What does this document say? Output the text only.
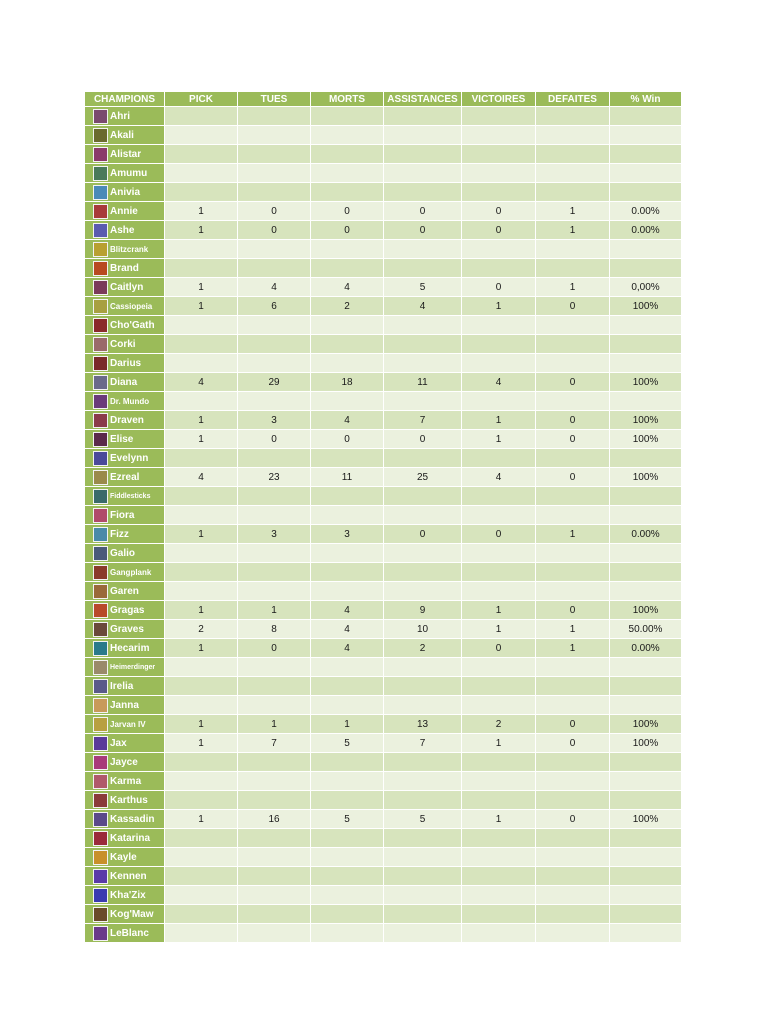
CHAMPIONS	PICK	TUES	MORTS	ASSISTANCES	VICTOIRES	DEFAITES	% Win
Ahri							
Akali							
Alistar							
Amumu							
Anivia							
Annie	1	0	0	0	0	1	0.00%
Ashe	1	0	0	0	0	1	0.00%
Blitzcrank							
Brand							
Caitlyn	1	4	4	5	0	1	0,00%
Cassiopeia	1	6	2	4	1	0	100%
Cho'Gath							
Corki							
Darius							
Diana	4	29	18	11	4	0	100%
Dr. Mundo							
Draven	1	3	4	7	1	0	100%
Elise	1	0	0	0	1	0	100%
Evelynn							
Ezreal	4	23	11	25	4	0	100%
Fiddlesticks							
Fiora							
Fizz	1	3	3	0	0	1	0.00%
Galio							
Gangplank							
Garen							
Gragas	1	1	4	9	1	0	100%
Graves	2	8	4	10	1	1	50.00%
Hecarim	1	0	4	2	0	1	0.00%
Heimerdinger							
Irelia							
Janna							
Jarvan IV	1	1	1	13	2	0	100%
Jax	1	7	5	7	1	0	100%
Jayce							
Karma							
Karthus							
Kassadin	1	16	5	5	1	0	100%
Katarina							
Kayle							
Kennen							
Kha'Zix							
Kog'Maw							
LeBlanc							
